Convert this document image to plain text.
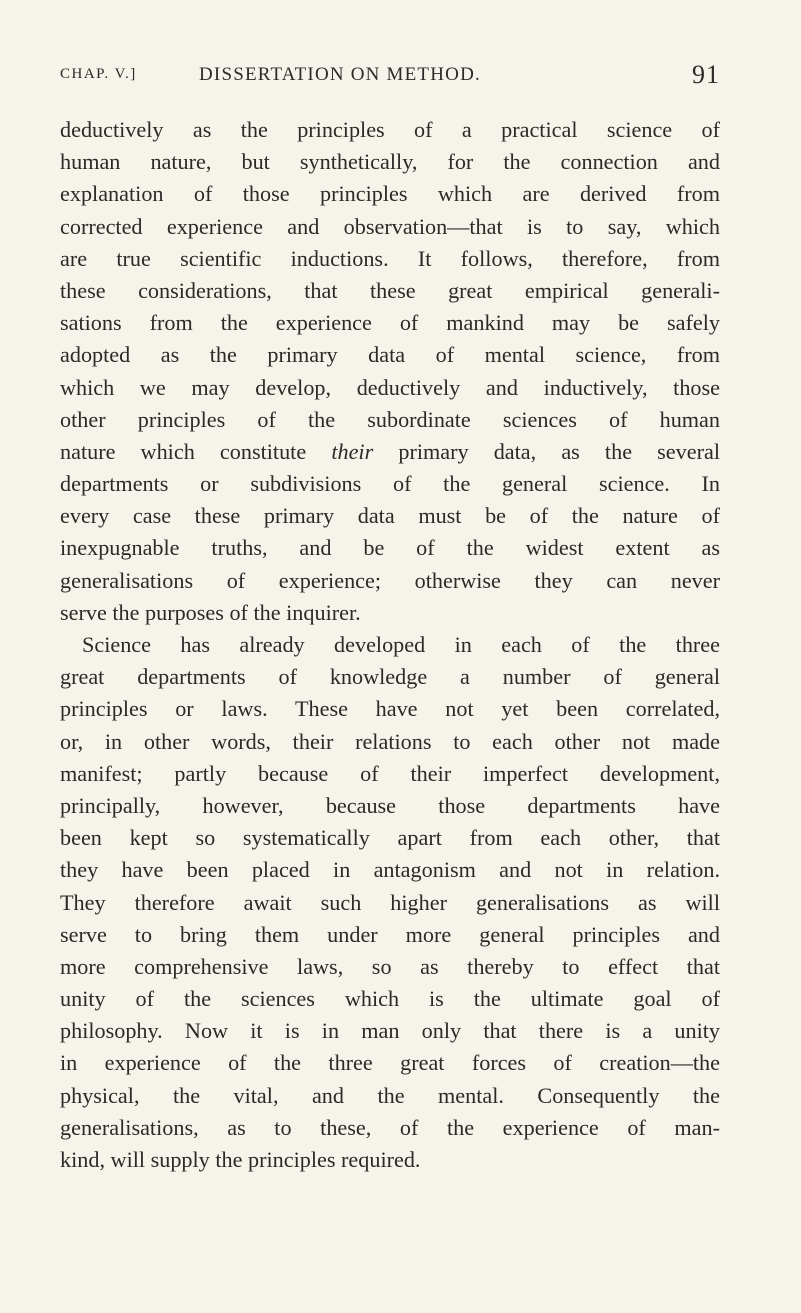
CHAP. V.]	DISSERTATION ON METHOD.	91
deductively as the principles of a practical science of
human nature, but synthetically, for the connection and
explanation of those principles which are derived from
corrected experience and observation—that is to say, which
are true scientific inductions. It follows, therefore, from
these considerations, that these great empirical generali-
sations from the experience of mankind may be safely
adopted as the primary data of mental science, from
which we may develop, deductively and inductively, those
other principles of the subordinate sciences of human
nature which constitute their primary data, as the several
departments or subdivisions of the general science. In
every case these primary data must be of the nature of
inexpugnable truths, and be of the widest extent as
generalisations of experience; otherwise they can never
serve the purposes of the inquirer.
Science has already developed in each of the three
great departments of knowledge a number of general
principles or laws. These have not yet been correlated,
or, in other words, their relations to each other not made
manifest; partly because of their imperfect development,
principally, however, because those departments have
been kept so systematically apart from each other, that
they have been placed in antagonism and not in relation.
They therefore await such higher generalisations as will
serve to bring them under more general principles and
more comprehensive laws, so as thereby to effect that
unity of the sciences which is the ultimate goal of
philosophy. Now it is in man only that there is a unity
in experience of the three great forces of creation—the
physical, the vital, and the mental. Consequently the
generalisations, as to these, of the experience of man-
kind, will supply the principles required.
